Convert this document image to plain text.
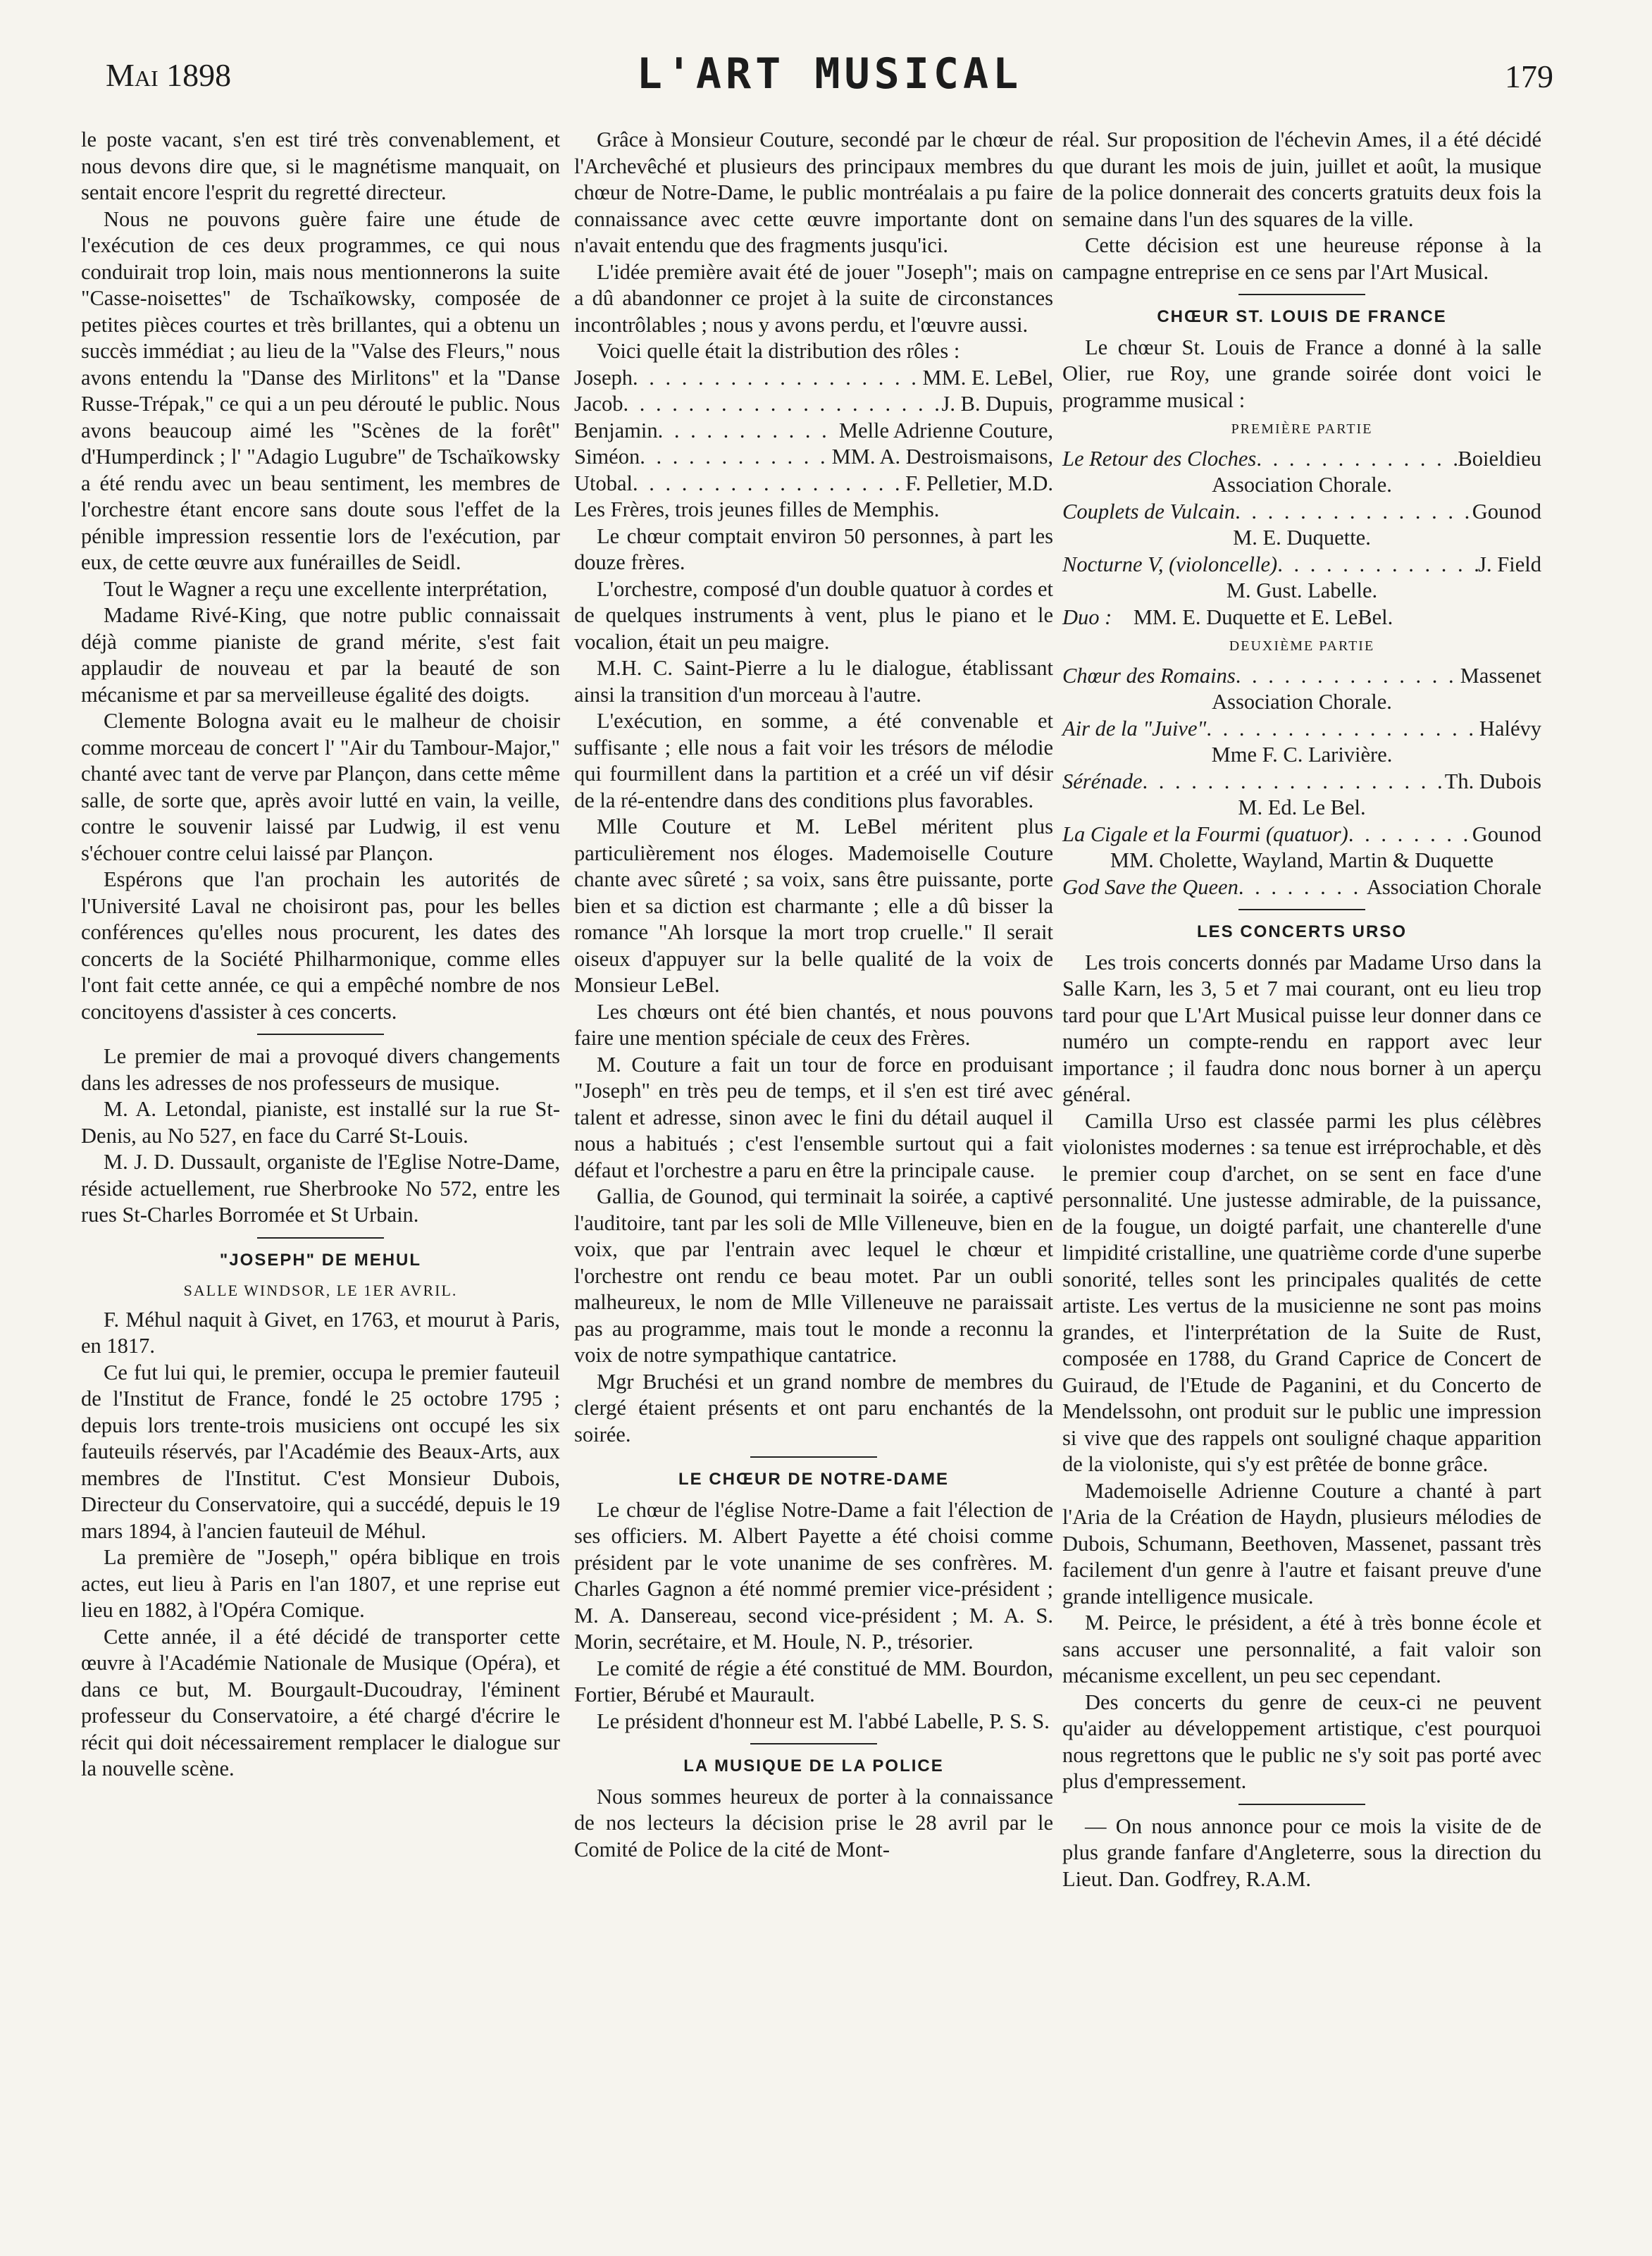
Mai 1898	L'ART MUSICAL	179

le poste vacant, s'en est tiré très convenablement, et nous devons dire que, si le magnétisme manquait, on sentait encore l'esprit du regretté directeur.

Nous ne pouvons guère faire une étude de l'exécution de ces deux programmes, ce qui nous conduirait trop loin, mais nous mentionnerons la suite "Casse-noisettes" de Tschaïkowsky, composée de petites pièces courtes et très brillantes, qui a obtenu un succès immédiat ; au lieu de la "Valse des Fleurs," nous avons entendu la "Danse des Mirlitons" et la "Danse Russe-Trépak," ce qui a un peu dérouté le public. Nous avons beaucoup aimé les "Scènes de la forêt" d'Humperdinck ; l' "Adagio Lugubre" de Tschaïkowsky a été rendu avec un beau sentiment, les membres de l'orchestre étant encore sans doute sous l'effet de la pénible impression ressentie lors de l'exécution, par eux, de cette œuvre aux funérailles de Seidl.

Tout le Wagner a reçu une excellente interprétation,

Madame Rivé-King, que notre public connaissait déjà comme pianiste de grand mérite, s'est fait applaudir de nouveau et par la beauté de son mécanisme et par sa merveilleuse égalité des doigts.

Clemente Bologna avait eu le malheur de choisir comme morceau de concert l' "Air du Tambour-Major," chanté avec tant de verve par Plançon, dans cette même salle, de sorte que, après avoir lutté en vain, la veille, contre le souvenir laissé par Ludwig, il est venu s'échouer contre celui laissé par Plançon.

Espérons que l'an prochain les autorités de l'Université Laval ne choisiront pas, pour les belles conférences qu'elles nous procurent, les dates des concerts de la Société Philharmonique, comme elles l'ont fait cette année, ce qui a empêché nombre de nos concitoyens d'assister à ces concerts.

Le premier de mai a provoqué divers changements dans les adresses de nos professeurs de musique.

M. A. Letondal, pianiste, est installé sur la rue St-Denis, au No 527, en face du Carré St-Louis.

M. J. D. Dussault, organiste de l'Eglise Notre-Dame, réside actuellement, rue Sherbrooke No 572, entre les rues St-Charles Borromée et St Urbain.

"JOSEPH" DE MEHUL
SALLE WINDSOR, LE 1ER AVRIL.

F. Méhul naquit à Givet, en 1763, et mourut à Paris, en 1817.

Ce fut lui qui, le premier, occupa le premier fauteuil de l'Institut de France, fondé le 25 octobre 1795 ; depuis lors trente-trois musiciens ont occupé les six fauteuils réservés, par l'Académie des Beaux-Arts, aux membres de l'Institut. C'est Monsieur Dubois, Directeur du Conservatoire, qui a succédé, depuis le 19 mars 1894, à l'ancien fauteuil de Méhul.

La première de "Joseph," opéra biblique en trois actes, eut lieu à Paris en l'an 1807, et une reprise eut lieu en 1882, à l'Opéra Comique.

Cette année, il a été décidé de transporter cette œuvre à l'Académie Nationale de Musique (Opéra), et dans ce but, M. Bourgault-Ducoudray, l'éminent professeur du Conservatoire, a été chargé d'écrire le récit qui doit nécessairement remplacer le dialogue sur la nouvelle scène.

Grâce à Monsieur Couture, secondé par le chœur de l'Archevêché et plusieurs des principaux membres du chœur de Notre-Dame, le public montréalais a pu faire connaissance avec cette œuvre importante dont on n'avait entendu que des fragments jusqu'ici.

L'idée première avait été de jouer "Joseph"; mais on a dû abandonner ce projet à la suite de circonstances incontrôlables ; nous y avons perdu, et l'œuvre aussi.

Voici quelle était la distribution des rôles :

Joseph . . .	MM. E. LeBel,
Jacob . . .	J. B. Dupuis,
Benjamin . . .	Melle Adrienne Couture,
Siméon . . .	MM. A. Destroismaisons,
Utobal . . .	F. Pelletier, M.D.

Les Frères, trois jeunes filles de Memphis.

Le chœur comptait environ 50 personnes, à part les douze frères.

L'orchestre, composé d'un double quatuor à cordes et de quelques instruments à vent, plus le piano et le vocalion, était un peu maigre.

M.H. C. Saint-Pierre a lu le dialogue, établissant ainsi la transition d'un morceau à l'autre.

L'exécution, en somme, a été convenable et suffisante ; elle nous a fait voir les trésors de mélodie qui fourmillent dans la partition et a créé un vif désir de la ré-entendre dans des conditions plus favorables.

Mlle Couture et M. LeBel méritent plus particulièrement nos éloges. Mademoiselle Couture chante avec sûreté ; sa voix, sans être puissante, porte bien et sa diction est charmante ; elle a dû bisser la romance "Ah lorsque la mort trop cruelle." Il serait oiseux d'appuyer sur la belle qualité de la voix de Monsieur LeBel.

Les chœurs ont été bien chantés, et nous pouvons faire une mention spéciale de ceux des Frères.

M. Couture a fait un tour de force en produisant "Joseph" en très peu de temps, et il s'en est tiré avec talent et adresse, sinon avec le fini du détail auquel il nous a habitués ; c'est l'ensemble surtout qui a fait défaut et l'orchestre a paru en être la principale cause.

Gallia, de Gounod, qui terminait la soirée, a captivé l'auditoire, tant par les soli de Mlle Villeneuve, bien en voix, que par l'entrain avec lequel le chœur et l'orchestre ont rendu ce beau motet. Par un oubli malheureux, le nom de Mlle Villeneuve ne paraissait pas au programme, mais tout le monde a reconnu la voix de notre sympathique cantatrice.

Mgr Bruchési et un grand nombre de membres du clergé étaient présents et ont paru enchantés de la soirée.

LE CHŒUR DE NOTRE-DAME

Le chœur de l'église Notre-Dame a fait l'élection de ses officiers. M. Albert Payette a été choisi comme président par le vote unanime de ses confrères. M. Charles Gagnon a été nommé premier vice-président ; M. A. Dansereau, second vice-président ; M. A. S. Morin, secrétaire, et M. Houle, N. P., trésorier.

Le comité de régie a été constitué de MM. Bourdon, Fortier, Bérubé et Maurault.

Le président d'honneur est M. l'abbé Labelle, P. S. S.

LA MUSIQUE DE LA POLICE

Nous sommes heureux de porter à la connaissance de nos lecteurs la décision prise le 28 avril par le Comité de Police de la cité de Mont-

réal. Sur proposition de l'échevin Ames, il a été décidé que durant les mois de juin, juillet et août, la musique de la police donnerait des concerts gratuits deux fois la semaine dans l'un des squares de la ville.

Cette décision est une heureuse réponse à la campagne entreprise en ce sens par l'Art Musical.

CHŒUR ST. LOUIS DE FRANCE

Le chœur St. Louis de France a donné à la salle Olier, rue Roy, une grande soirée dont voici le programme musical :

PREMIÈRE PARTIE
Le Retour des Cloches . . .	Boieldieu
Association Chorale.
Couplets de Vulcain . . .	Gounod
M. E. Duquette.
Nocturne V, (violoncelle) . . .	J. Field
M. Gust. Labelle.
Duo : MM. E. Duquette et E. LeBel.
DEUXIÈME PARTIE
Chœur des Romains . . .	Massenet
Association Chorale.
Air de la "Juive" . . .	Halévy
Mme F. C. Larivière.
Sérénade . . .	Th. Dubois
M. Ed. Le Bel.
La Cigale et la Fourmi (quatuor) . . .	Gounod
MM. Cholette, Wayland, Martin & Duquette
God Save the Queen . . .	Association Chorale
LES CONCERTS URSO

Les trois concerts donnés par Madame Urso dans la Salle Karn, les 3, 5 et 7 mai courant, ont eu lieu trop tard pour que L'Art Musical puisse leur donner dans ce numéro un compte-rendu en rapport avec leur importance ; il faudra donc nous borner à un aperçu général.

Camilla Urso est classée parmi les plus célèbres violonistes modernes : sa tenue est irréprochable, et dès le premier coup d'archet, on se sent en face d'une personnalité. Une justesse admirable, de la puissance, de la fougue, un doigté parfait, une chanterelle d'une limpidité cristalline, une quatrième corde d'une superbe sonorité, telles sont les principales qualités de cette artiste. Les vertus de la musicienne ne sont pas moins grandes, et l'interprétation de la Suite de Rust, composée en 1788, du Grand Caprice de Concert de Guiraud, de l'Etude de Paganini, et du Concerto de Mendelssohn, ont produit sur le public une impression si vive que des rappels ont souligné chaque apparition de la violoniste, qui s'y est prêtée de bonne grâce.

Mademoiselle Adrienne Couture a chanté à part l'Aria de la Création de Haydn, plusieurs mélodies de Dubois, Schumann, Beethoven, Massenet, passant très facilement d'un genre à l'autre et faisant preuve d'une grande intelligence musicale.

M. Peirce, le président, a été à très bonne école et sans accuser une personnalité, a fait valoir son mécanisme excellent, un peu sec cependant.

Des concerts du genre de ceux-ci ne peuvent qu'aider au développement artistique, c'est pourquoi nous regrettons que le public ne s'y soit pas porté avec plus d'empressement.

— On nous annonce pour ce mois la visite de de plus grande fanfare d'Angleterre, sous la direction du Lieut. Dan. Godfrey, R.A.M.
